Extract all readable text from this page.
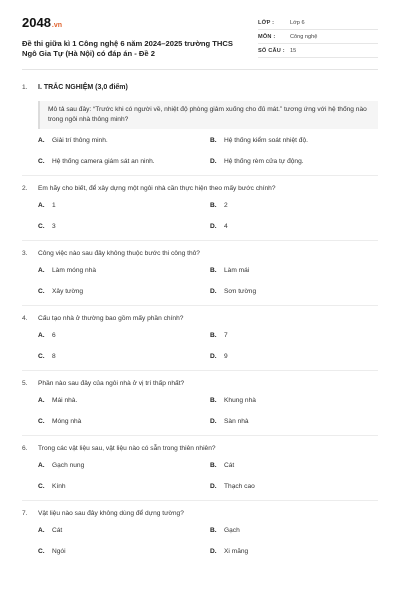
2048.vn
Đề thi giữa kì 1 Công nghệ 6 năm 2024–2025 trường THCS Ngô Gia Tự (Hà Nội) có đáp án - Đề 2
LỚP :	Lớp 6
MÔN :	Công nghệ
SỐ CÂU : 15
1.	I. TRẮC NGHIỆM (3,0 điểm)
Mô tả sau đây: “Trước khi có người về, nhiệt độ phòng giảm xuống cho đủ mát.” tương ứng với hệ thống nào trong ngôi nhà thông minh?
A.	Giải trí thông minh.	B.	Hệ thống kiểm soát nhiệt độ.
C.	Hệ thống camera giám sát an ninh.	D.	Hệ thống rèm cửa tự động.
2.	Em hãy cho biết, để xây dựng một ngôi nhà cần thực hiện theo mấy bước chính?
A.	1	B.	2
C.	3	D.	4
3.	Công việc nào sau đây không thuộc bước thi công thô?
A.	Làm móng nhà	B.	Làm mái
C.	Xây tường	D.	Sơn tường
4.	Cấu tạo nhà ở thường bao gồm mấy phần chính?
A.	6	B.	7
C.	8	D.	9
5.	Phần nào sau đây của ngôi nhà ở vị trí thấp nhất?
A.	Mái nhà.	B.	Khung nhà
C.	Móng nhà	D.	Sàn nhà
6.	Trong các vật liệu sau, vật liệu nào có sẵn trong thiên nhiên?
A.	Gạch nung	B.	Cát
C.	Kính	D.	Thạch cao
7.	Vật liệu nào sau đây không dùng để dựng tường?
A.	Cát	B.	Gạch
C.	Ngói	D.	Xi măng
